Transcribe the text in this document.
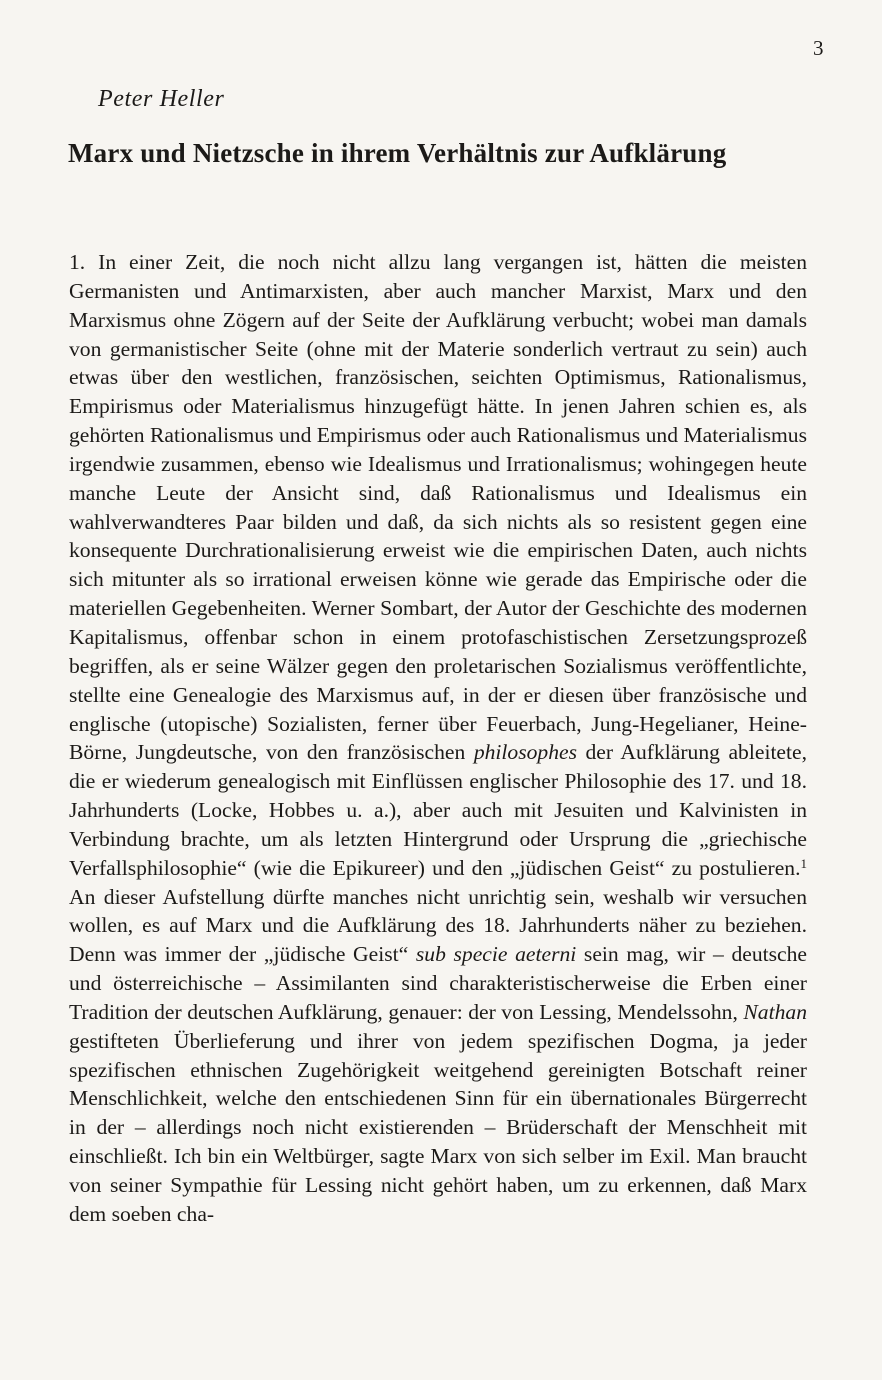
3
Peter Heller
Marx und Nietzsche in ihrem Verhältnis zur Aufklärung

1. In einer Zeit, die noch nicht allzu lang vergangen ist, hätten die meisten Germanisten und Antimarxisten, aber auch mancher Marxist, Marx und den Marxismus ohne Zögern auf der Seite der Aufklärung verbucht; wobei man damals von germanistischer Seite (ohne mit der Materie sonderlich vertraut zu sein) auch etwas über den westlichen, französischen, seichten Optimismus, Rationalismus, Empirismus oder Materialismus hinzugefügt hätte. In jenen Jahren schien es, als gehörten Rationalismus und Empirismus oder auch Rationalismus und Materialismus irgendwie zusammen, ebenso wie Idealismus und Irrationalismus; wohingegen heute manche Leute der Ansicht sind, daß Rationalismus und Idealismus ein wahlverwandteres Paar bilden und daß, da sich nichts als so resistent gegen eine konsequente Durchrationalisierung erweist wie die empirischen Daten, auch nichts sich mitunter als so irrational erweisen könne wie gerade das Empirische oder die materiellen Gegebenheiten. Werner Sombart, der Autor der Geschichte des modernen Kapitalismus, offenbar schon in einem protofaschistischen Zersetzungsprozeß begriffen, als er seine Wälzer gegen den proletarischen Sozialismus veröffentlichte, stellte eine Genealogie des Marxismus auf, in der er diesen über französische und englische (utopische) Sozialisten, ferner über Feuerbach, Jung-Hegelianer, Heine-Börne, Jungdeutsche, von den französischen philosophes der Aufklärung ableitete, die er wiederum genealogisch mit Einflüssen englischer Philosophie des 17. und 18. Jahrhunderts (Locke, Hobbes u. a.), aber auch mit Jesuiten und Kalvinisten in Verbindung brachte, um als letzten Hintergrund oder Ursprung die „griechische Verfallsphilosophie“ (wie die Epikureer) und den „jüdischen Geist“ zu postulieren.$^1$ An dieser Aufstellung dürfte manches nicht unrichtig sein, weshalb wir versuchen wollen, es auf Marx und die Aufklärung des 18. Jahrhunderts näher zu beziehen. Denn was immer der „jüdische Geist“ sub specie aeterni sein mag, wir – deutsche und österreichische – Assimilanten sind charakteristischerweise die Erben einer Tradition der deutschen Aufklärung, genauer: der von Lessing, Mendelssohn, Nathan gestifteten Überlieferung und ihrer von jedem spezifischen Dogma, ja jeder spezifischen ethnischen Zugehörigkeit weitgehend gereinigten Botschaft reiner Menschlichkeit, welche den entschiedenen Sinn für ein übernationales Bürgerrecht in der – allerdings noch nicht existierenden – Brüderschaft der Menschheit mit einschließt. Ich bin ein Weltbürger, sagte Marx von sich selber im Exil. Man braucht von seiner Sympathie für Lessing nicht gehört haben, um zu erkennen, daß Marx dem soeben cha-
